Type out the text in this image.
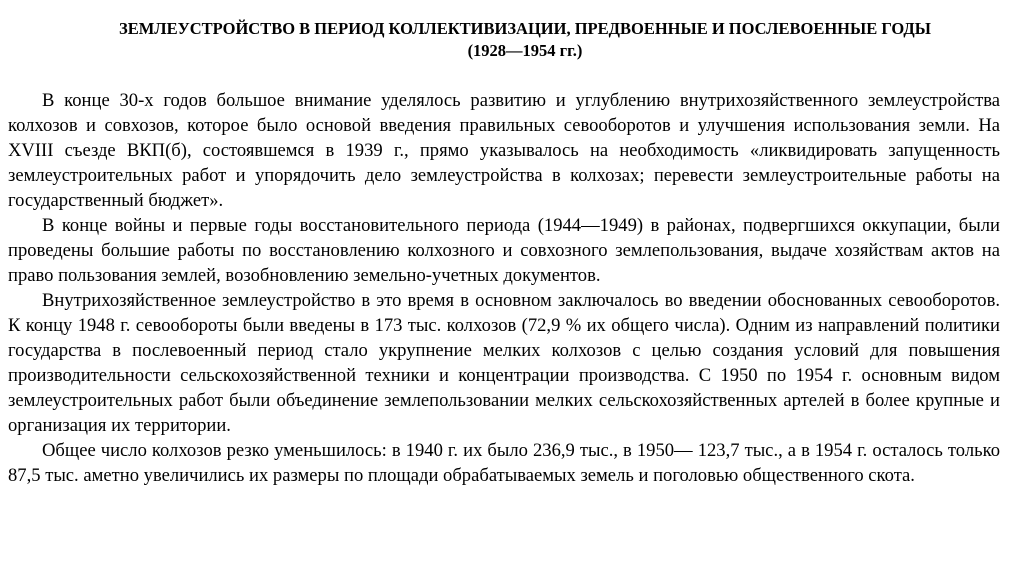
ЗЕМЛЕУСТРОЙСТВО В ПЕРИОД КОЛЛЕКТИВИЗАЦИИ, ПРЕДВОЕННЫЕ И ПОСЛЕВОЕННЫЕ ГОДЫ
(1928—1954 гг.)

В конце 30-х годов большое внимание уделялось развитию и углублению внутрихозяйственного землеустройства колхозов и совхозов, которое было основой введения правильных севооборотов и улучшения использования земли. На XVIII съезде ВКП(б), состоявшемся в 1939 г., прямо указывалось на необходимость «ликвидировать запущенность землеустроительных работ и упорядочить дело землеустройства в колхозах; перевести землеустроительные работы на государственный бюджет».

В конце войны и первые годы восстановительного периода (1944—1949) в районах, подвергшихся оккупации, были проведены большие работы по восстановлению колхозного и совхозного землепользования, выдаче хозяйствам актов на право пользования землей, возобновлению земельно-учетных документов.

Внутрихозяйственное землеустройство в это время в основном заключалось во введении обоснованных севооборотов. К концу 1948 г. севообороты были введены в 173 тыс. колхозов (72,9 % их общего числа). Одним из направлений политики государства в послевоенный период стало укрупнение мелких колхозов с целью создания условий для повышения производительности сельскохозяйственной техники и концентрации производства. С 1950 по 1954 г. основным видом землеустроительных работ были объединение землепользовании мелких сельскохозяйственных артелей в более крупные и организация их территории.

Общее число колхозов резко уменьшилось: в 1940 г. их было 236,9 тыс., в 1950— 123,7 тыс., а в 1954 г. осталось только 87,5 тыс. аметно увеличились их размеры по площади обрабатываемых земель и поголовью общественного скота.
